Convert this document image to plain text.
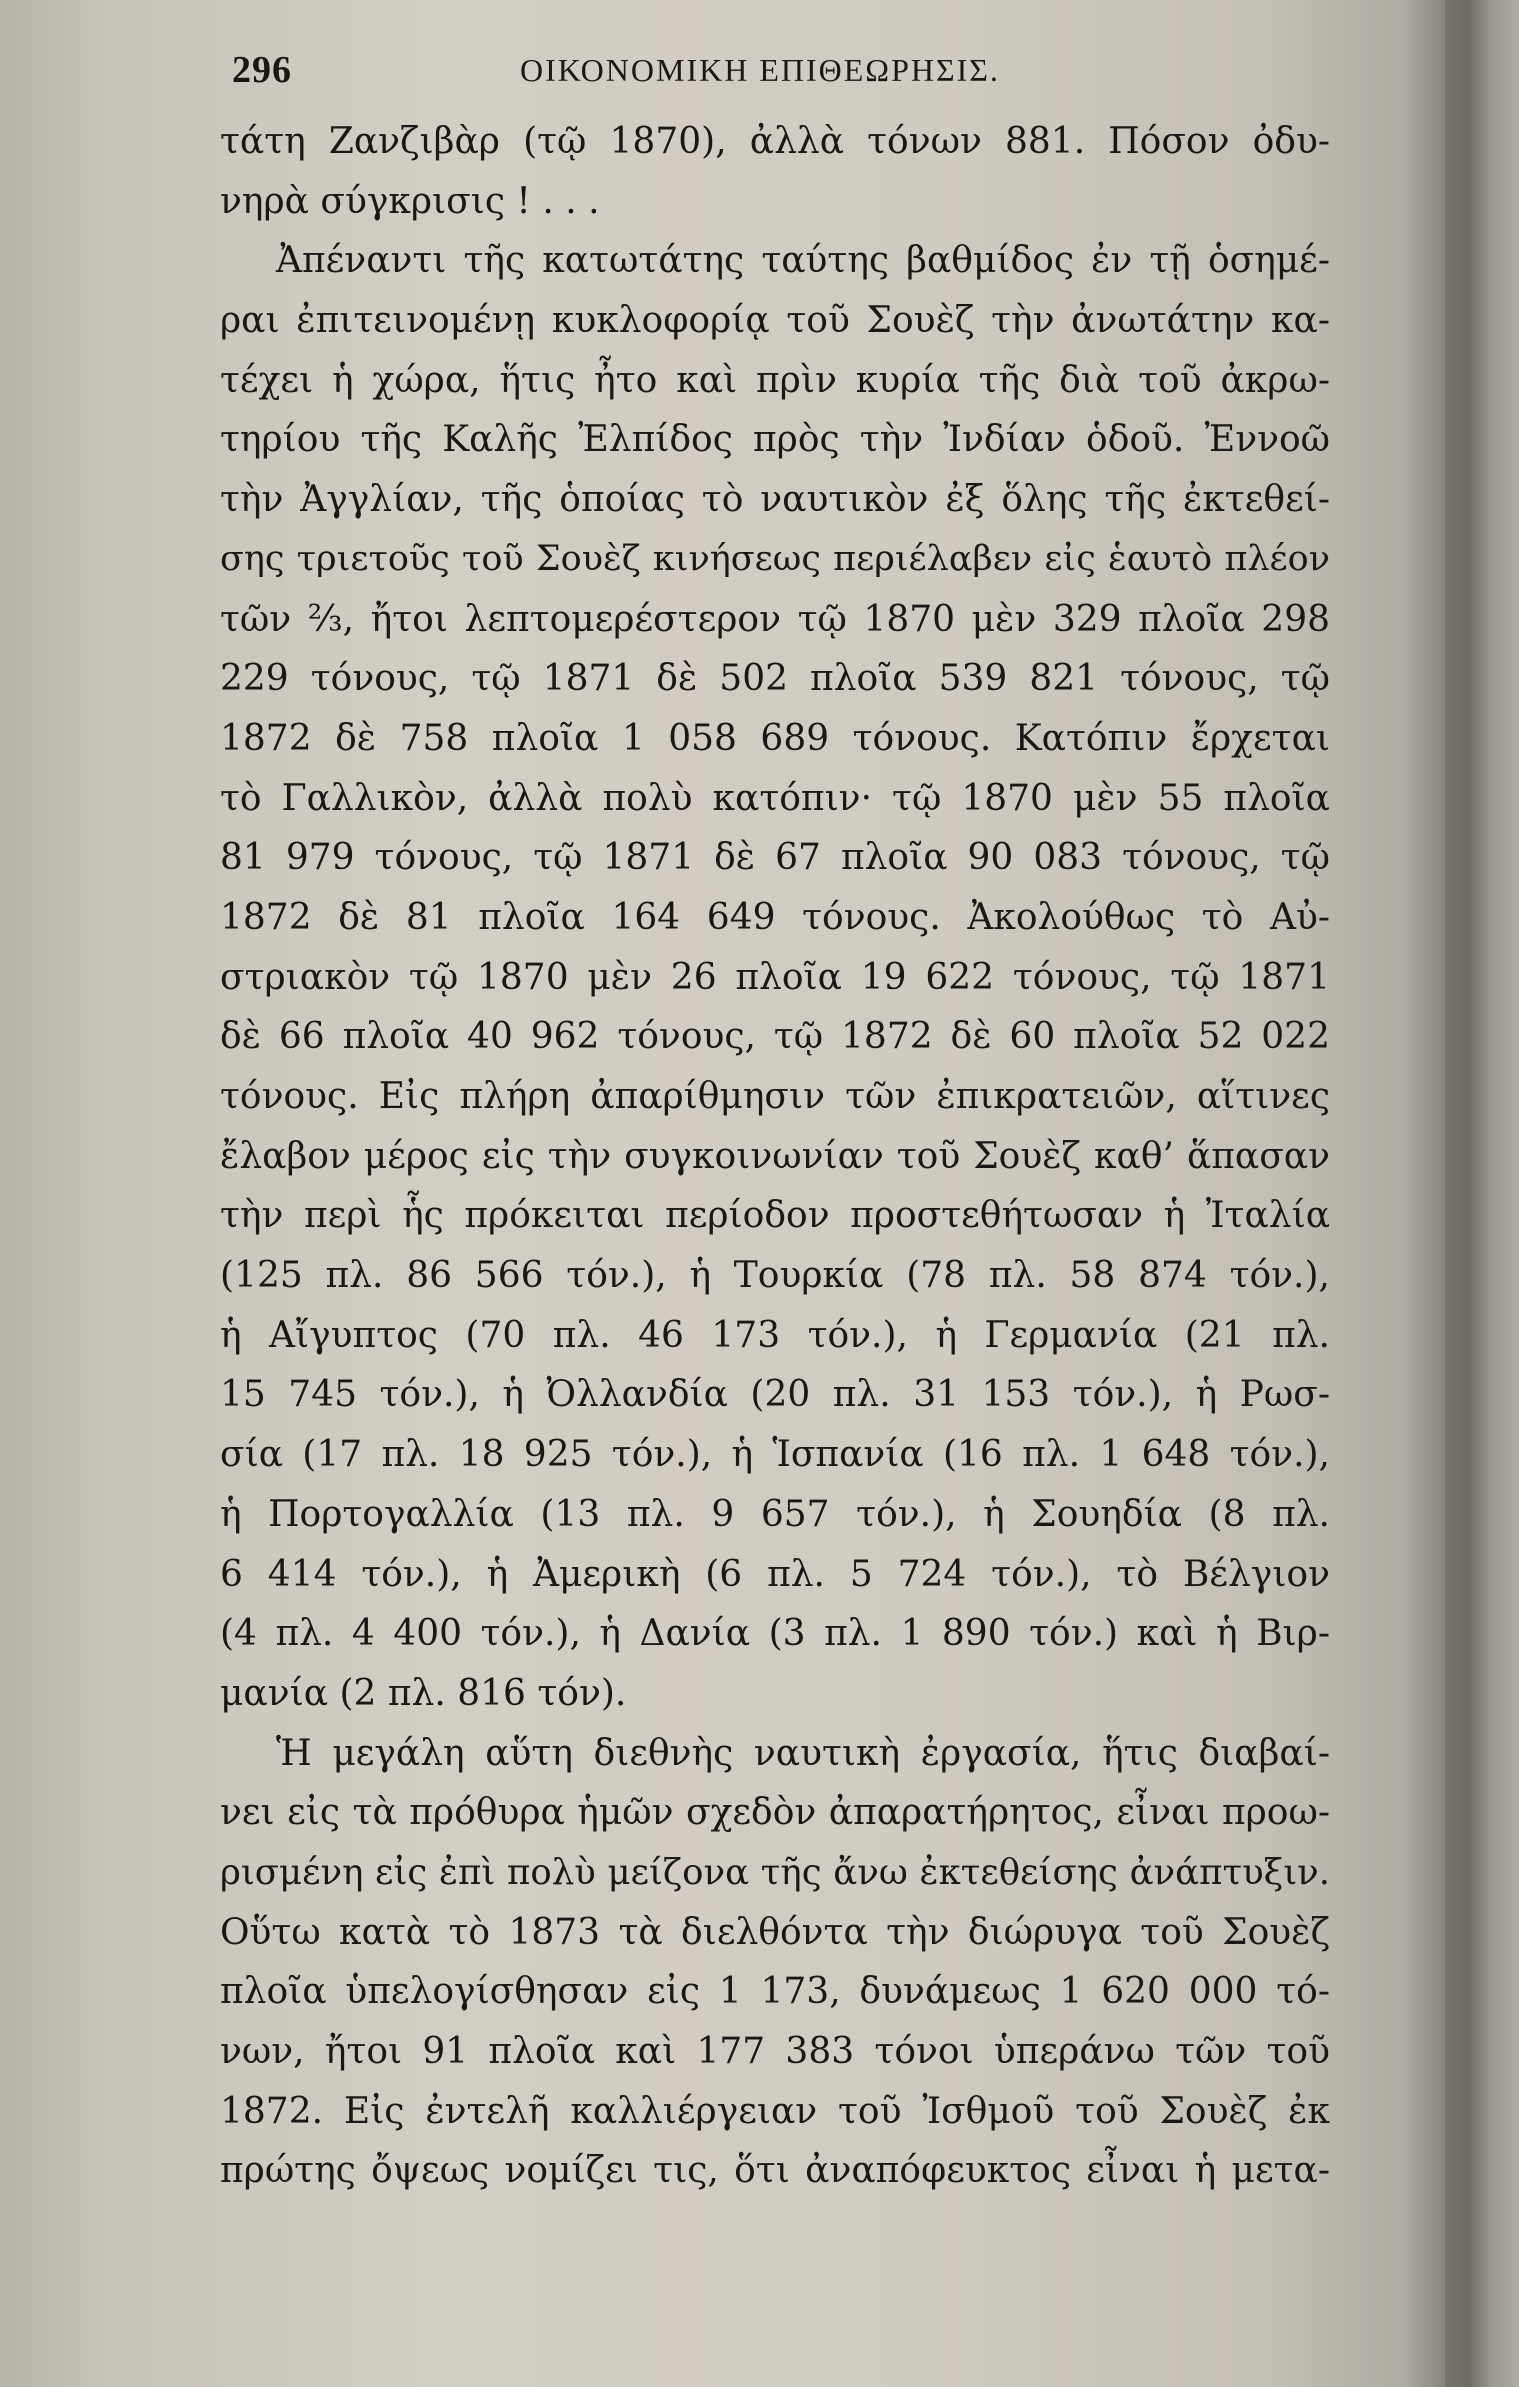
296	ΟΙΚΟΝΟΜΙΚΗ ΕΠΙΘΕΩΡΗΣΙΣ.
τάτη Ζανζιβὰρ (τῷ 1870), ἀλλὰ τόνων 881. Πόσον ὀδυ-
νηρὰ σύγκρισις ! . . .
Ἀπέναντι τῆς κατωτάτης ταύτης βαθμίδος ἐν τῇ ὁσημέ-
ραι ἐπιτεινομένῃ κυκλοφορίᾳ τοῦ Σουὲζ τὴν ἀνωτάτην κα-
τέχει ἡ χώρα, ἥτις ἦτο καὶ πρὶν κυρία τῆς διὰ τοῦ ἀκρω-
τηρίου τῆς Καλῆς Ἐλπίδος πρὸς τὴν Ἰνδίαν ὁδοῦ. Ἐννοῶ
τὴν Ἀγγλίαν, τῆς ὁποίας τὸ ναυτικὸν ἐξ ὅλης τῆς ἐκτεθεί-
σης τριετοῦς τοῦ Σουὲζ κινήσεως περιέλαβεν εἰς ἑαυτὸ πλέον
τῶν ⅔, ἤτοι λεπτομερέστερον τῷ 1870 μὲν 329 πλοῖα 298
229 τόνους, τῷ 1871 δὲ 502 πλοῖα 539 821 τόνους, τῷ
1872 δὲ 758 πλοῖα 1 058 689 τόνους. Κατόπιν ἔρχεται
τὸ Γαλλικὸν, ἀλλὰ πολὺ κατόπιν· τῷ 1870 μὲν 55 πλοῖα
81 979 τόνους, τῷ 1871 δὲ 67 πλοῖα 90 083 τόνους, τῷ
1872 δὲ 81 πλοῖα 164 649 τόνους. Ἀκολούθως τὸ Αὐ-
στριακὸν τῷ 1870 μὲν 26 πλοῖα 19 622 τόνους, τῷ 1871
δὲ 66 πλοῖα 40 962 τόνους, τῷ 1872 δὲ 60 πλοῖα 52 022
τόνους. Εἰς πλήρη ἀπαρίθμησιν τῶν ἐπικρατειῶν, αἵτινες
ἔλαβον μέρος εἰς τὴν συγκοινωνίαν τοῦ Σουὲζ καθ’ ἅπασαν
τὴν περὶ ἧς πρόκειται περίοδον προστεθήτωσαν ἡ Ἰταλία
(125 πλ. 86 566 τόν.), ἡ Τουρκία (78 πλ. 58 874 τόν.),
ἡ Αἴγυπτος (70 πλ. 46 173 τόν.), ἡ Γερμανία (21 πλ.
15 745 τόν.), ἡ Ὀλλανδία (20 πλ. 31 153 τόν.), ἡ Ρωσ-
σία (17 πλ. 18 925 τόν.), ἡ Ἱσπανία (16 πλ. 1 648 τόν.),
ἡ Πορτογαλλία (13 πλ. 9 657 τόν.), ἡ Σουηδία (8 πλ.
6 414 τόν.), ἡ Ἀμερικὴ (6 πλ. 5 724 τόν.), τὸ Βέλγιον
(4 πλ. 4 400 τόν.), ἡ Δανία (3 πλ. 1 890 τόν.) καὶ ἡ Βιρ-
μανία (2 πλ. 816 τόν).
Ἡ μεγάλη αὕτη διεθνὴς ναυτικὴ ἐργασία, ἥτις διαβαί-
νει εἰς τὰ πρόθυρα ἡμῶν σχεδὸν ἀπαρατήρητος, εἶναι προω-
ρισμένη εἰς ἐπὶ πολὺ μείζονα τῆς ἄνω ἐκτεθείσης ἀνάπτυξιν.
Οὕτω κατὰ τὸ 1873 τὰ διελθόντα τὴν διώρυγα τοῦ Σουὲζ
πλοῖα ὑπελογίσθησαν εἰς 1 173, δυνάμεως 1 620 000 τό-
νων, ἤτοι 91 πλοῖα καὶ 177 383 τόνοι ὑπεράνω τῶν τοῦ
1872. Εἰς ἐντελῆ καλλιέργειαν τοῦ Ἰσθμοῦ τοῦ Σουὲζ ἐκ
πρώτης ὄψεως νομίζει τις, ὅτι ἀναπόφευκτος εἶναι ἡ μετα-
